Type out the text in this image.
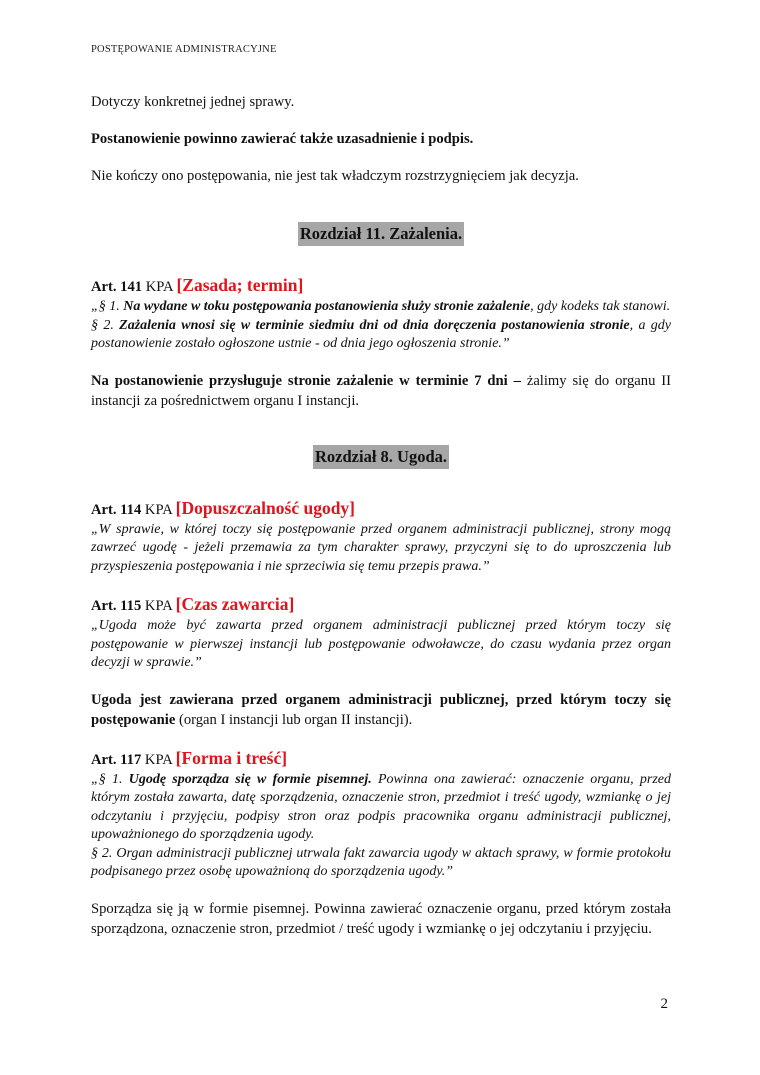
POSTĘPOWANIE ADMINISTRACYJNE

Dotyczy konkretnej jednej sprawy.

Postanowienie powinno zawierać także uzasadnienie i podpis.

Nie kończy ono postępowania, nie jest tak władczym rozstrzygnięciem jak decyzja.

Rozdział 11. Zażalenia.
Art. 141 KPA [Zasada; termin]

„§ 1. Na wydane w toku postępowania postanowienia służy stronie zażalenie, gdy kodeks tak stanowi.

§ 2. Zażalenia wnosi się w terminie siedmiu dni od dnia doręczenia postanowienia stronie, a gdy postanowienie zostało ogłoszone ustnie - od dnia jego ogłoszenia stronie.”

Na postanowienie przysługuje stronie zażalenie w terminie 7 dni – żalimy się do organu II instancji za pośrednictwem organu I instancji.

Rozdział 8. Ugoda.
Art. 114 KPA [Dopuszczalność ugody]

„W sprawie, w której toczy się postępowanie przed organem administracji publicznej, strony mogą zawrzeć ugodę - jeżeli przemawia za tym charakter sprawy, przyczyni się to do uproszczenia lub przyspieszenia postępowania i nie sprzeciwia się temu przepis prawa.”

Art. 115 KPA [Czas zawarcia]

„Ugoda może być zawarta przed organem administracji publicznej przed którym toczy się postępowanie w pierwszej instancji lub postępowanie odwoławcze, do czasu wydania przez organ decyzji w sprawie.”

Ugoda jest zawierana przed organem administracji publicznej, przed którym toczy się postępowanie (organ I instancji lub organ II instancji).

Art. 117 KPA [Forma i treść]

„§ 1. Ugodę sporządza się w formie pisemnej. Powinna ona zawierać: oznaczenie organu, przed którym została zawarta, datę sporządzenia, oznaczenie stron, przedmiot i treść ugody, wzmiankę o jej odczytaniu i przyjęciu, podpisy stron oraz podpis pracownika organu administracji publicznej, upoważnionego do sporządzenia ugody.

§ 2. Organ administracji publicznej utrwala fakt zawarcia ugody w aktach sprawy, w formie protokołu podpisanego przez osobę upoważnioną do sporządzenia ugody.”

Sporządza się ją w formie pisemnej. Powinna zawierać oznaczenie organu, przed którym została sporządzona, oznaczenie stron, przedmiot / treść ugody i wzmiankę o jej odczytaniu i przyjęciu.

2
